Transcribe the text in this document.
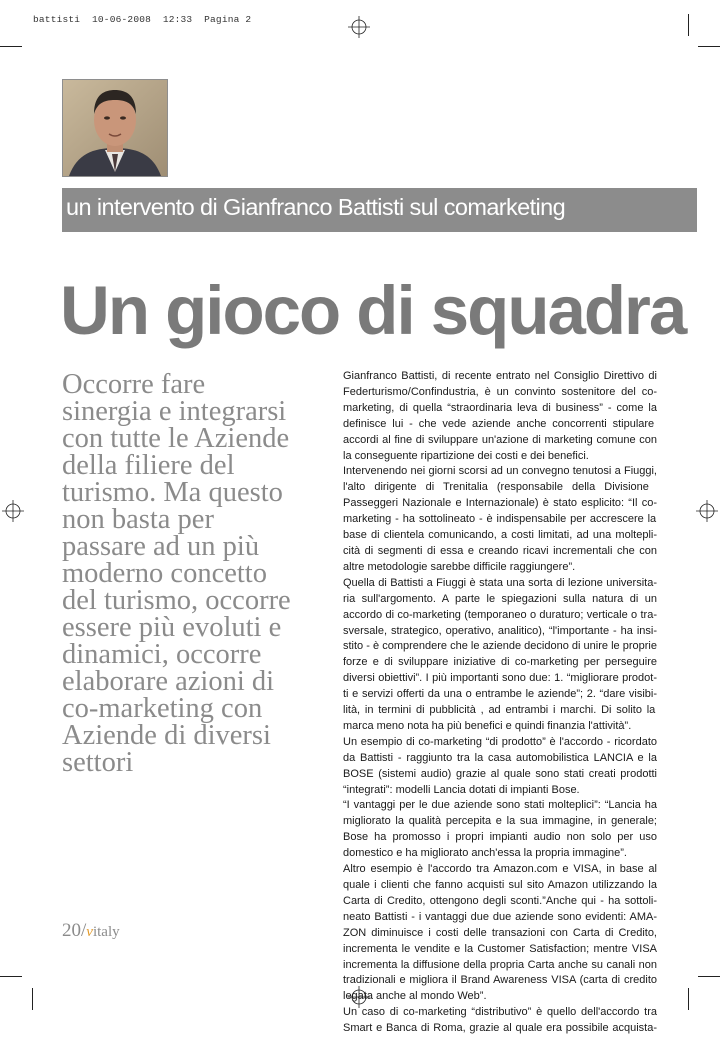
battisti  10-06-2008  12:33  Pagina 2
un intervento di Gianfranco Battisti sul comarketing
Un gioco di squadra
Occorre fare
sinergia e integrarsi
con tutte le Aziende
della filiere del
turismo. Ma questo
non basta per
passare ad un più
moderno concetto
del turismo, occorre
essere più evoluti e
dinamici, occorre
elaborare azioni di
co-marketing con
Aziende di diversi
settori
Gianfranco Battisti, di recente entrato nel Consiglio Direttivo di
Federturismo/Confindustria, è un convinto sostenitore del co-
marketing, di quella “straordinaria leva di business” - come la
definisce lui - che vede aziende anche concorrenti stipulare
accordi al fine di sviluppare un'azione di marketing comune con
la conseguente ripartizione dei costi e dei benefici.
Intervenendo nei giorni scorsi ad un convegno tenutosi a Fiuggi,
l'alto dirigente di Trenitalia (responsabile della Divisione
Passeggeri Nazionale e Internazionale) è stato esplicito: “Il co-
marketing - ha sottolineato - è indispensabile per accrescere la
base di clientela comunicando, a costi limitati, ad una moltepli-
cità di segmenti di essa e creando ricavi incrementali che con
altre metodologie sarebbe difficile raggiungere”.
Quella di Battisti a Fiuggi è stata una sorta di lezione universita-
ria sull'argomento. A parte le spiegazioni sulla natura di un
accordo di co-marketing (temporaneo o duraturo; verticale o tra-
sversale, strategico, operativo, analitico), “l'importante - ha insi-
stito - è comprendere che le aziende decidono di unire le proprie
forze e di sviluppare iniziative di co-marketing per perseguire
diversi obiettivi”. I più importanti sono due: 1. “migliorare prodot-
ti e servizi offerti da una o entrambe le aziende”; 2. “dare visibi-
lità, in termini di pubblicità , ad entrambi i marchi. Di solito la
marca meno nota ha più benefici e quindi finanzia l'attività”.
Un esempio di co-marketing “di prodotto” è l'accordo - ricordato
da Battisti - raggiunto tra la casa automobilistica LANCIA e la
BOSE (sistemi audio) grazie al quale sono stati creati prodotti
“integrati”: modelli Lancia dotati di impianti Bose.
“I vantaggi per le due aziende sono stati molteplici”: “Lancia ha
migliorato la qualità percepita e la sua immagine, in generale;
Bose ha promosso i propri impianti audio non solo per uso
domestico e ha migliorato anch'essa la propria immagine”.
Altro esempio è l'accordo tra Amazon.com e VISA, in base al
quale i clienti che fanno acquisti sul sito Amazon utilizzando la
Carta di Credito, ottengono degli sconti.”Anche qui - ha sottoli-
neato Battisti - i vantaggi due due aziende sono evidenti: AMA-
ZON diminuisce i costi delle transazioni con Carta di Credito,
incrementa le vendite e la Customer Satisfaction; mentre VISA
incrementa la diffusione della propria Carta anche su canali non
tradizionali e migliora il Brand Awareness VISA (carta di credito
legata anche al mondo Web”.
Un caso di co-marketing “distributivo” è quello dell'accordo tra
Smart e Banca di Roma, grazie al quale era possibile acquista-
20/vitaly
